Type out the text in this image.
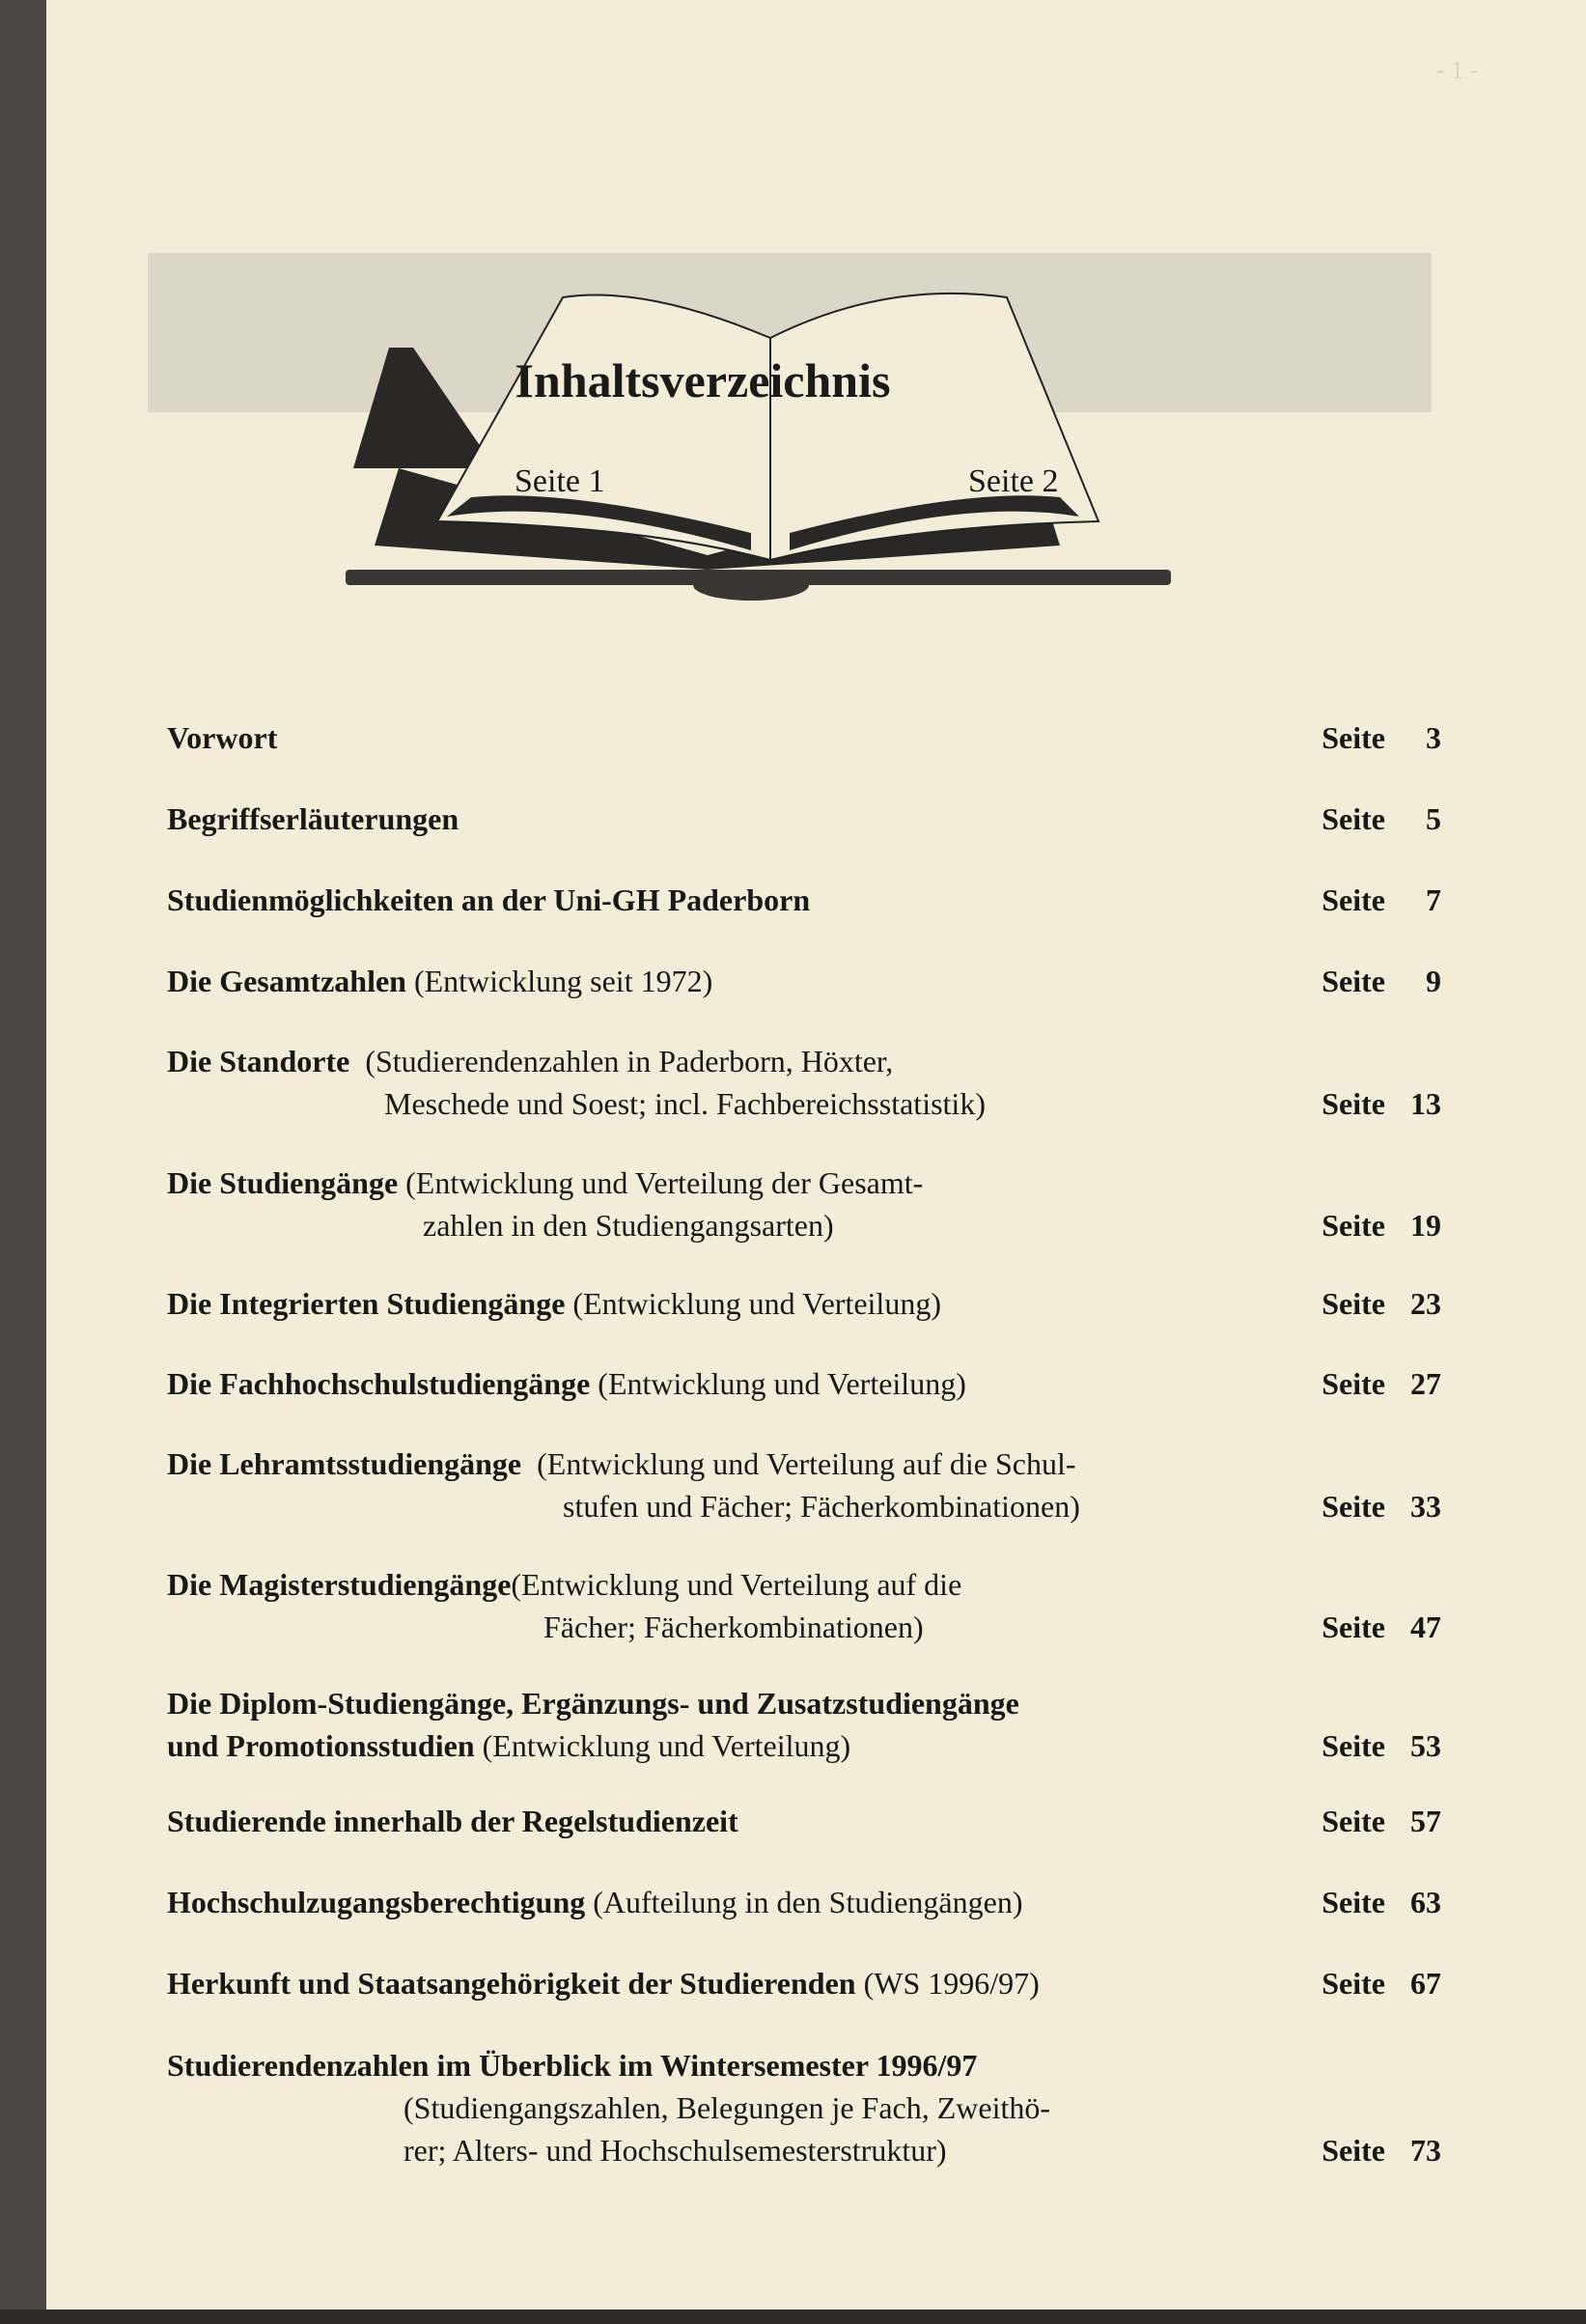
- 1 -
Inhaltsverzeichnis
Seite 1	Seite 2
Vorwort	Seite 3
Begriffserläuterungen	Seite 5
Studienmöglichkeiten an der Uni-GH Paderborn	Seite 7
Die Gesamtzahlen (Entwicklung seit 1972)	Seite 9
Die Standorte  (Studierendenzahlen in Paderborn, Höxter,
Meschede und Soest; incl. Fachbereichsstatistik)	Seite 13
Die Studiengänge (Entwicklung und Verteilung der Gesamt-
zahlen in den Studiengangsarten)	Seite 19
Die Integrierten Studiengänge (Entwicklung und Verteilung)	Seite 23
Die Fachhochschulstudiengänge (Entwicklung und Verteilung)	Seite 27
Die Lehramtsstudiengänge  (Entwicklung und Verteilung auf die Schul-
stufen und Fächer; Fächerkombinationen)	Seite 33
Die Magisterstudiengänge(Entwicklung und Verteilung auf die
Fächer; Fächerkombinationen)	Seite 47
Die Diplom-Studiengänge, Ergänzungs- und Zusatzstudiengänge
und Promotionsstudien (Entwicklung und Verteilung)	Seite 53
Studierende innerhalb der Regelstudienzeit	Seite 57
Hochschulzugangsberechtigung (Aufteilung in den Studiengängen)	Seite 63
Herkunft und Staatsangehörigkeit der Studierenden (WS 1996/97)	Seite 67
Studierendenzahlen im Überblick im Wintersemester 1996/97
(Studiengangszahlen, Belegungen je Fach, Zweithö-
rer; Alters- und Hochschulsemesterstruktur)	Seite 73
